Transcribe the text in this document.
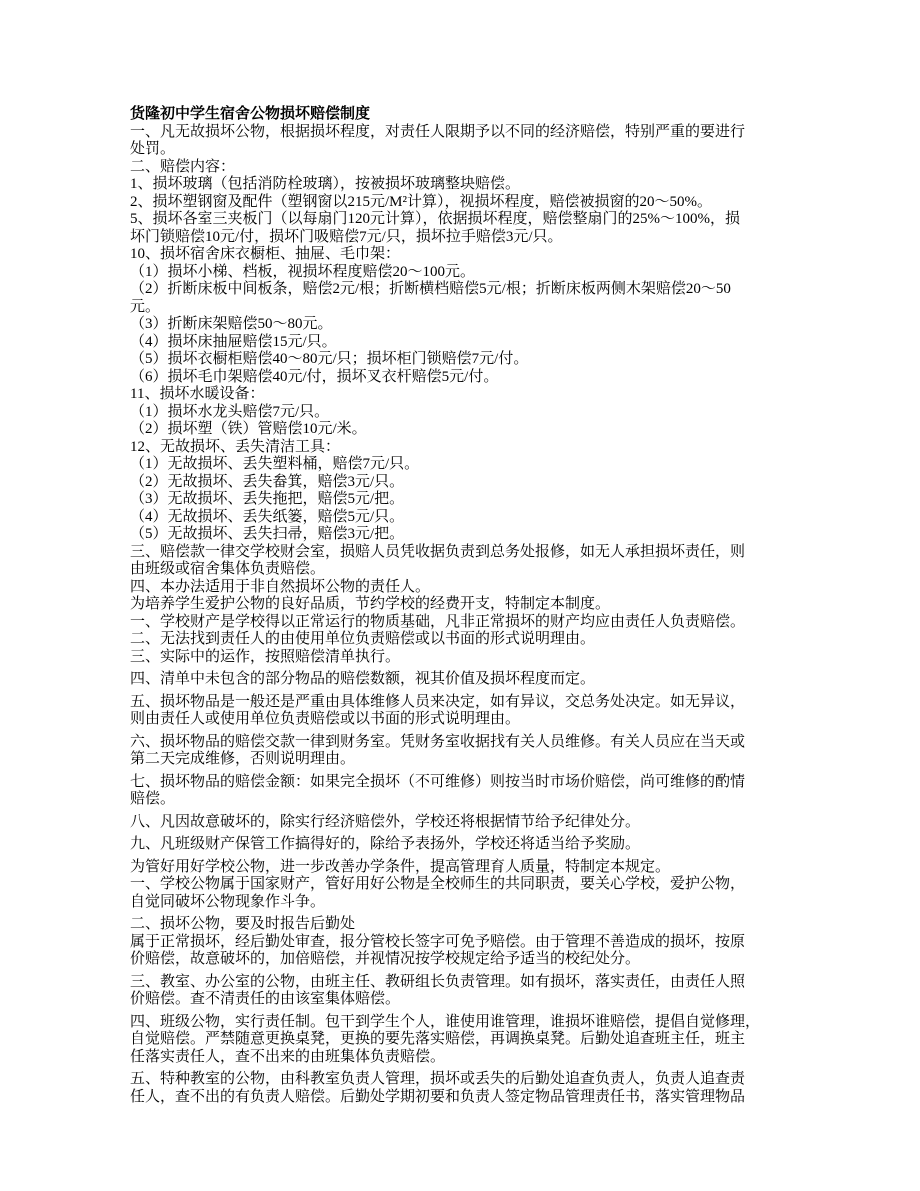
货隆初中学生宿舍公物损坏赔偿制度
一、凡无故损坏公物，根据损坏程度，对责任人限期予以不同的经济赔偿，特别严重的要进行
处罚。
二、赔偿内容：
1、损坏玻璃（包括消防栓玻璃），按被损坏玻璃整块赔偿。
2、损坏塑钢窗及配件（塑钢窗以215元/M²计算），视损坏程度，赔偿被损窗的20～50%。
5、损坏各室三夹板门（以每扇门120元计算），依据损坏程度，赔偿整扇门的25%～100%，损
坏门锁赔偿10元/付，损坏门吸赔偿7元/只，损坏拉手赔偿3元/只。
10、损坏宿舍床衣橱柜、抽屉、毛巾架：
（1）损坏小梯、档板，视损坏程度赔偿20～100元。
（2）折断床板中间板条，赔偿2元/根；折断横档赔偿5元/根；折断床板两侧木架赔偿20～50
元。
（3）折断床架赔偿50～80元。
（4）损坏床抽屉赔偿15元/只。
（5）损坏衣橱柜赔偿40～80元/只；损坏柜门锁赔偿7元/付。
（6）损坏毛巾架赔偿40元/付，损坏叉衣杆赔偿5元/付。
11、损坏水暖设备：
（1）损坏水龙头赔偿7元/只。
（2）损坏塑（铁）管赔偿10元/米。
12、无故损坏、丢失清洁工具：
（1）无故损坏、丢失塑料桶，赔偿7元/只。
（2）无故损坏、丢失畚箕，赔偿3元/只。
（3）无故损坏、丢失拖把，赔偿5元/把。
（4）无故损坏、丢失纸篓，赔偿5元/只。
（5）无故损坏、丢失扫帚，赔偿3元/把。
三、赔偿款一律交学校财会室，损赔人员凭收据负责到总务处报修，如无人承担损坏责任，则
由班级或宿舍集体负责赔偿。
四、本办法适用于非自然损坏公物的责任人。
为培养学生爱护公物的良好品质，节约学校的经费开支，特制定本制度。
一、学校财产是学校得以正常运行的物质基础，凡非正常损坏的财产均应由责任人负责赔偿。
二、无法找到责任人的由使用单位负责赔偿或以书面的形式说明理由。
三、实际中的运作，按照赔偿清单执行。
四、清单中未包含的部分物品的赔偿数额，视其价值及损坏程度而定。
五、损坏物品是一般还是严重由具体维修人员来决定，如有异议，交总务处决定。如无异议，
则由责任人或使用单位负责赔偿或以书面的形式说明理由。
六、损坏物品的赔偿交款一律到财务室。凭财务室收据找有关人员维修。有关人员应在当天或
第二天完成维修，否则说明理由。
七、损坏物品的赔偿金额：如果完全损坏（不可维修）则按当时市场价赔偿，尚可维修的酌情
赔偿。
八、凡因故意破坏的，除实行经济赔偿外，学校还将根据情节给予纪律处分。
九、凡班级财产保管工作搞得好的，除给予表扬外，学校还将适当给予奖励。
为管好用好学校公物，进一步改善办学条件，提高管理育人质量，特制定本规定。
一、学校公物属于国家财产，管好用好公物是全校师生的共同职责，要关心学校，爱护公物，
自觉同破坏公物现象作斗争。
二、损坏公物，要及时报告后勤处
属于正常损坏，经后勤处审查，报分管校长签字可免予赔偿。由于管理不善造成的损坏，按原
价赔偿，故意破坏的，加倍赔偿，并视情况按学校规定给予适当的校纪处分。
三、教室、办公室的公物，由班主任、教研组长负责管理。如有损坏，落实责任，由责任人照
价赔偿。查不清责任的由该室集体赔偿。
四、班级公物，实行责任制。包干到学生个人，谁使用谁管理，谁损坏谁赔偿，提倡自觉修理，
自觉赔偿。严禁随意更换桌凳，更换的要先落实赔偿，再调换桌凳。后勤处追查班主任，班主
任落实责任人，查不出来的由班集体负责赔偿。
五、特种教室的公物，由科教室负责人管理，损坏或丢失的后勤处追查负责人，负责人追查责
任人，查不出的有负责人赔偿。后勤处学期初要和负责人签定物品管理责任书，落实管理物品
